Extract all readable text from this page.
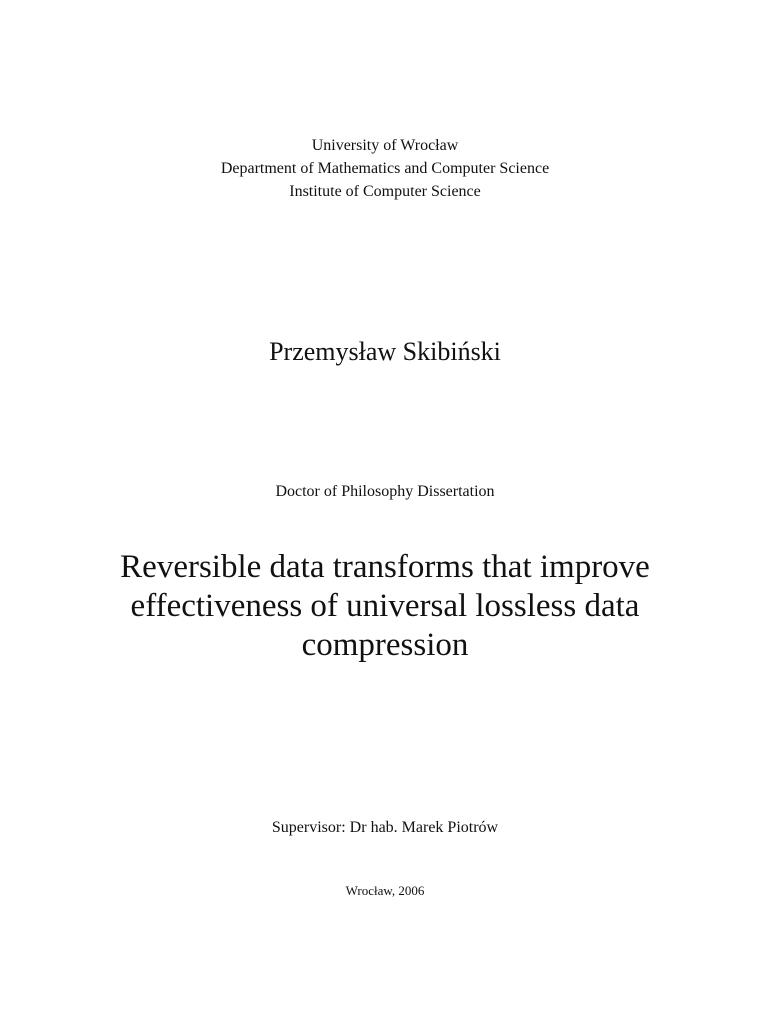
University of Wrocław
Department of Mathematics and Computer Science
Institute of Computer Science
Przemysław Skibiński
Doctor of Philosophy Dissertation
Reversible data transforms that improve
effectiveness of universal lossless data
compression
Supervisor: Dr hab. Marek Piotrów
Wrocław, 2006
